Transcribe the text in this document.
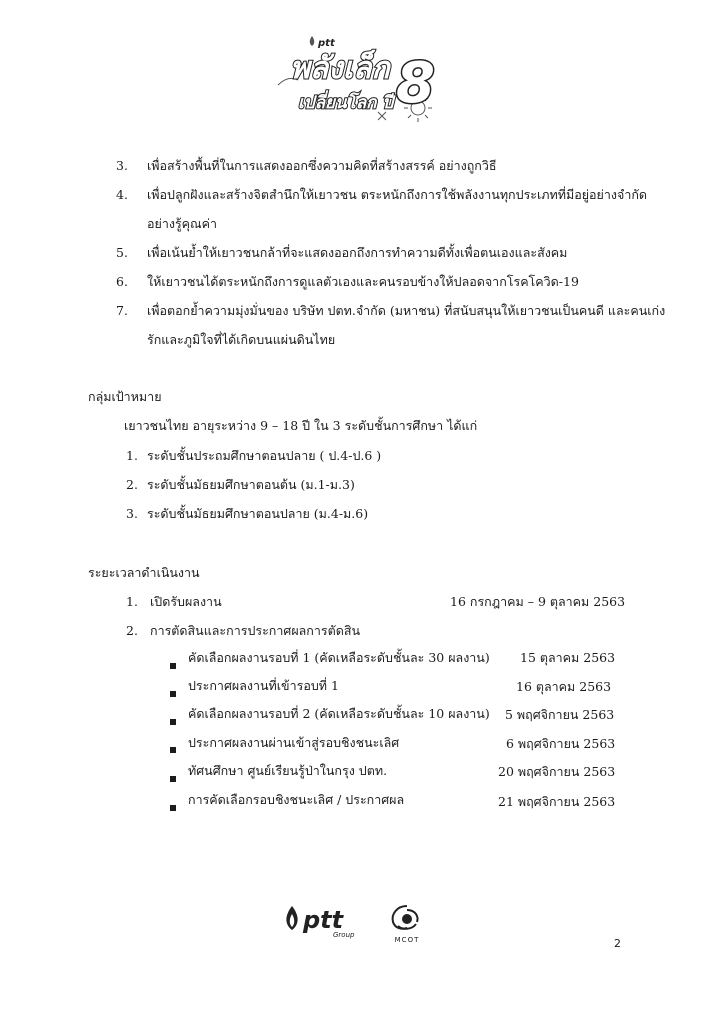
ptt
พลังเล็ก
เปลี่ยนโลก ปี 8
3. เพื่อสร้างพื้นที่ในการแสดงออกซึ่งความคิดที่สร้างสรรค์ อย่างถูกวิธี
4. เพื่อปลูกฝังและสร้างจิตสำนึกให้เยาวชน ตระหนักถึงการใช้พลังงานทุกประเภทที่มีอยู่อย่างจำกัด
อย่างรู้คุณค่า
5. เพื่อเน้นย้ำให้เยาวชนกล้าที่จะแสดงออกถึงการทำความดีทั้งเพื่อตนเองและสังคม
6. ให้เยาวชนได้ตระหนักถึงการดูแลตัวเองและคนรอบข้างให้ปลอดจากโรคโควิด-19
7. เพื่อตอกย้ำความมุ่งมั่นของ บริษัท ปตท.จำกัด (มหาชน) ที่สนับสนุนให้เยาวชนเป็นคนดี และคนเก่ง
รักและภูมิใจที่ได้เกิดบนแผ่นดินไทย
กลุ่มเป้าหมาย
เยาวชนไทย อายุระหว่าง 9 – 18 ปี ใน 3 ระดับชั้นการศึกษา ได้แก่
1. ระดับชั้นประถมศึกษาตอนปลาย ( ป.4-ป.6 )
2. ระดับชั้นมัธยมศึกษาตอนต้น (ม.1-ม.3)
3. ระดับชั้นมัธยมศึกษาตอนปลาย (ม.4-ม.6)
ระยะเวลาดำเนินงาน
1. เปิดรับผลงาน	16 กรกฎาคม – 9 ตุลาคม 2563
2. การตัดสินและการประกาศผลการตัดสิน
คัดเลือกผลงานรอบที่ 1 (คัดเหลือระดับชั้นละ 30 ผลงาน) 15 ตุลาคม 2563
ประกาศผลงานที่เข้ารอบที่ 1	16 ตุลาคม 2563
คัดเลือกผลงานรอบที่ 2 (คัดเหลือระดับชั้นละ 10 ผลงาน) 5 พฤศจิกายน 2563
ประกาศผลงานผ่านเข้าสู่รอบชิงชนะเลิศ	6 พฤศจิกายน 2563
ทัศนศึกษา ศูนย์เรียนรู้ป่าในกรุง ปตท.	20 พฤศจิกายน 2563
การคัดเลือกรอบชิงชนะเลิศ / ประกาศผล	21 พฤศจิกายน 2563
ptt
Group
MCOT	2
